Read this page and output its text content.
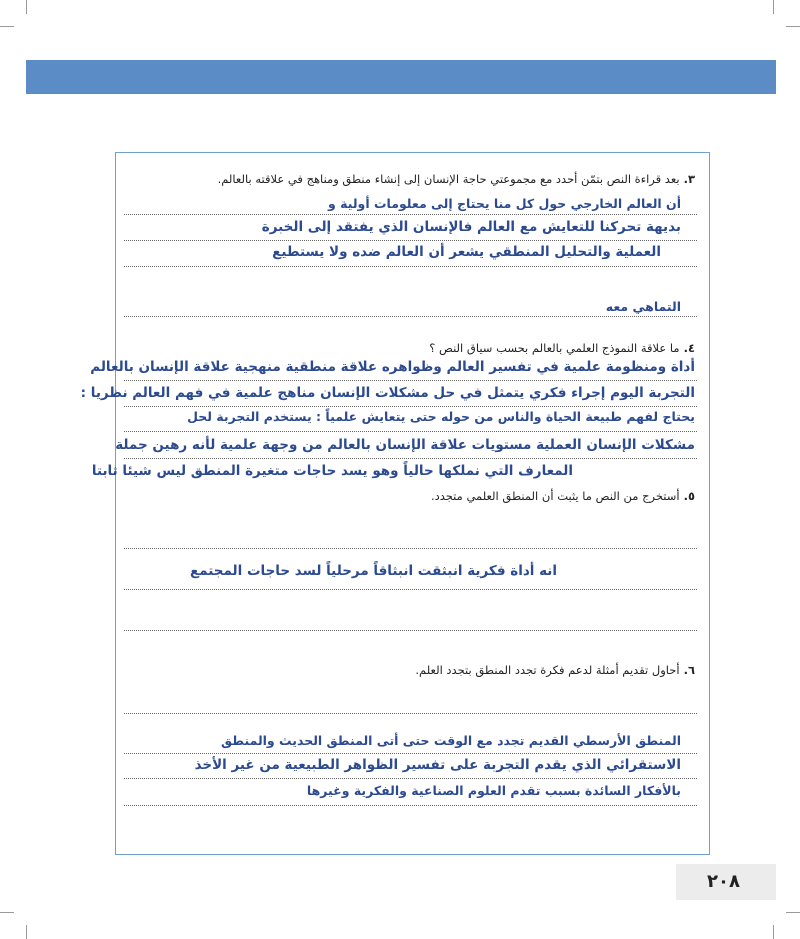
٣.بعد قراءة النص بتمّن أحدد مع مجموعتي حاجة الإنسان إلى إنشاء منطق ومناهج في علاقته بالعالم.
أن العالم الخارجي حول كل منا يحتاج إلى معلومات أولية و
بديهة تحركنا للتعايش مع العالم فالإنسان الذي يفتقد إلى الخبرة
العملية والتحليل المنطقي يشعر أن العالم ضده ولا يستطيع
التماهي معه
٤.ما علاقة النموذج العلمي بالعالم بحسب سياق النص ؟
أداة ومنظومة علمية في تفسير العالم وظواهره علاقة منطقية منهجية علاقة الإنسان بالعالم
التجربة اليوم إجراء فكري يتمثل في حل مشكلات الإنسان مناهج علمية في فهم العالم نظريا :
يحتاج لفهم طبيعة الحياة والناس من حوله حتى يتعايش علمياً : يستخدم التجربة لحل
مشكلات الإنسان العملية مستويات علاقة الإنسان بالعالم من وجهة علمية لأنه رهين جملة
المعارف التي نملكها حالياً وهو يسد حاجات متغيرة المنطق ليس شيئا ثابتا
٥.أستخرج من النص ما يثبت أن المنطق العلمي متجدد.
انه أداة فكرية انبثقت انبثاقاً مرحلياً لسد حاجات المجتمع
٦.أحاول تقديم أمثلة لدعم فكرة تجدد المنطق بتجدد العلم.
المنطق الأرسطي القديم تجدد مع الوقت حتى أتى المنطق الحديث والمنطق
الاستقرائي الذي يقدم التجربة على تفسير الظواهر الطبيعية من غير الأخذ
بالأفكار السائدة بسبب تقدم العلوم الصناعية والفكرية وغيرها
٢٠٨
